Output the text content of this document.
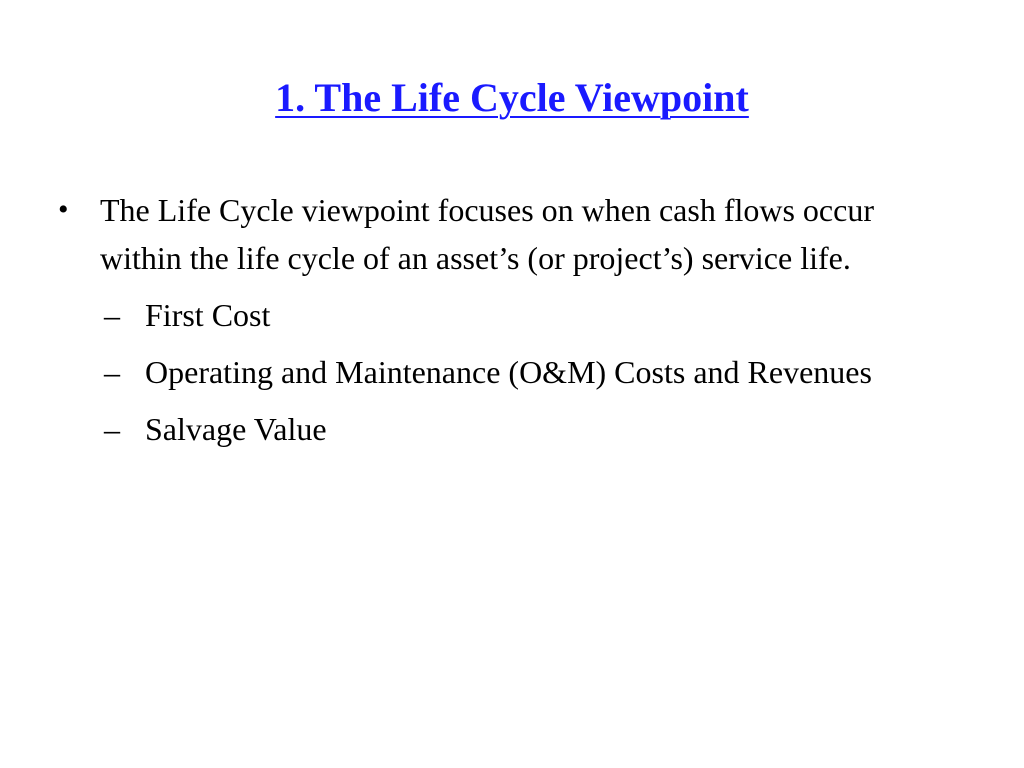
1. The Life Cycle Viewpoint
• The Life Cycle viewpoint focuses on when cash flows occur within the life cycle of an asset’s (or project’s) service life.
– First Cost
– Operating and Maintenance (O&M) Costs and Revenues
– Salvage Value
